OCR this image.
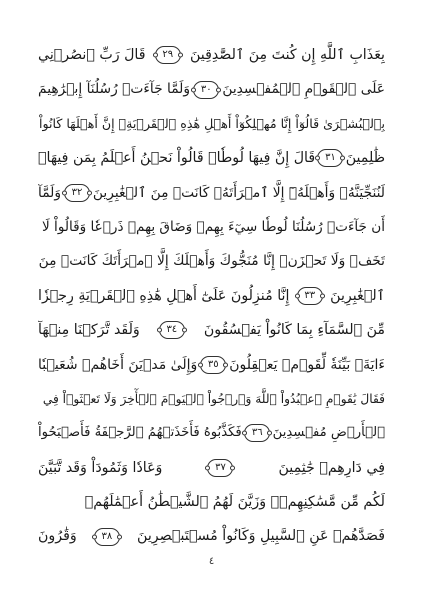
بِعَذَابِ ٱللَّهِ إِن كُنتَ مِنَ ٱلصَّٰدِقِينَ
٢٩
قَالَ رَبِّ ٱنصُرۡنِي
عَلَى ٱلۡقَوۡمِ ٱلۡمُفۡسِدِينَ
٣٠
وَلَمَّا جَآءَتۡ رُسُلُنَآ إِبۡرَٰهِيمَ
بِٱلۡبُشۡرَىٰ قَالُوٓاْ إِنَّا مُهۡلِكُوٓاْ أَهۡلِ هَٰذِهِ ٱلۡقَرۡيَةِۖ إِنَّ أَهۡلَهَا كَانُواْ
ظَٰلِمِينَ
٣١
قَالَ إِنَّ فِيهَا لُوطٗاۚ قَالُواْ نَحۡنُ أَعۡلَمُ بِمَن فِيهَاۖ
لَنُنَجِّيَنَّهُۥ وَأَهۡلَهُۥٓ إِلَّا ٱمۡرَأَتَهُۥ كَانَتۡ مِنَ ٱلۡغَٰبِرِينَ
٣٢
وَلَمَّآ
أَن جَآءَتۡ رُسُلُنَا لُوطٗا سِيٓءَ بِهِمۡ وَضَاقَ بِهِمۡ ذَرۡعٗا وَقَالُواْ لَا
تَخَفۡ وَلَا تَحۡزَنۡ إِنَّا مُنَجُّوكَ وَأَهۡلَكَ إِلَّا ٱمۡرَأَتَكَ كَانَتۡ مِنَ
ٱلۡغَٰبِرِينَ
٣٣
إِنَّا مُنزِلُونَ عَلَىٰٓ أَهۡلِ هَٰذِهِ ٱلۡقَرۡيَةِ رِجۡزٗا
مِّنَ ٱلسَّمَآءِ بِمَا كَانُواْ يَفۡسُقُونَ
٣٤
وَلَقَد تَّرَكۡنَا مِنۡهَآ
ءَايَةَۢ بَيِّنَةٗ لِّقَوۡمٖ يَعۡقِلُونَ
٣٥
وَإِلَىٰ مَدۡيَنَ أَخَاهُمۡ شُعَيۡبٗا
فَقَالَ يَٰقَوۡمِ ٱعۡبُدُواْ ٱللَّهَ وَٱرۡجُواْ ٱلۡيَوۡمَ ٱلۡأٓخِرَ وَلَا تَعۡثَوۡاْ فِي
ٱلۡأَرۡضِ مُفۡسِدِينَ
٣٦
فَكَذَّبُوهُ فَأَخَذَتۡهُمُ ٱلرَّجۡفَةُ فَأَصۡبَحُواْ
فِي دَارِهِمۡ جَٰثِمِينَ
٣٧
وَعَادٗا وَثَمُودَاْ وَقَد تَّبَيَّنَ
لَكُم مِّن مَّسَٰكِنِهِمۡۖ وَزَيَّنَ لَهُمُ ٱلشَّيۡطَٰنُ أَعۡمَٰلَهُمۡ
فَصَدَّهُمۡ عَنِ ٱلسَّبِيلِ وَكَانُواْ مُسۡتَبۡصِرِينَ
٣٨
وَقَٰرُونَ
٤
